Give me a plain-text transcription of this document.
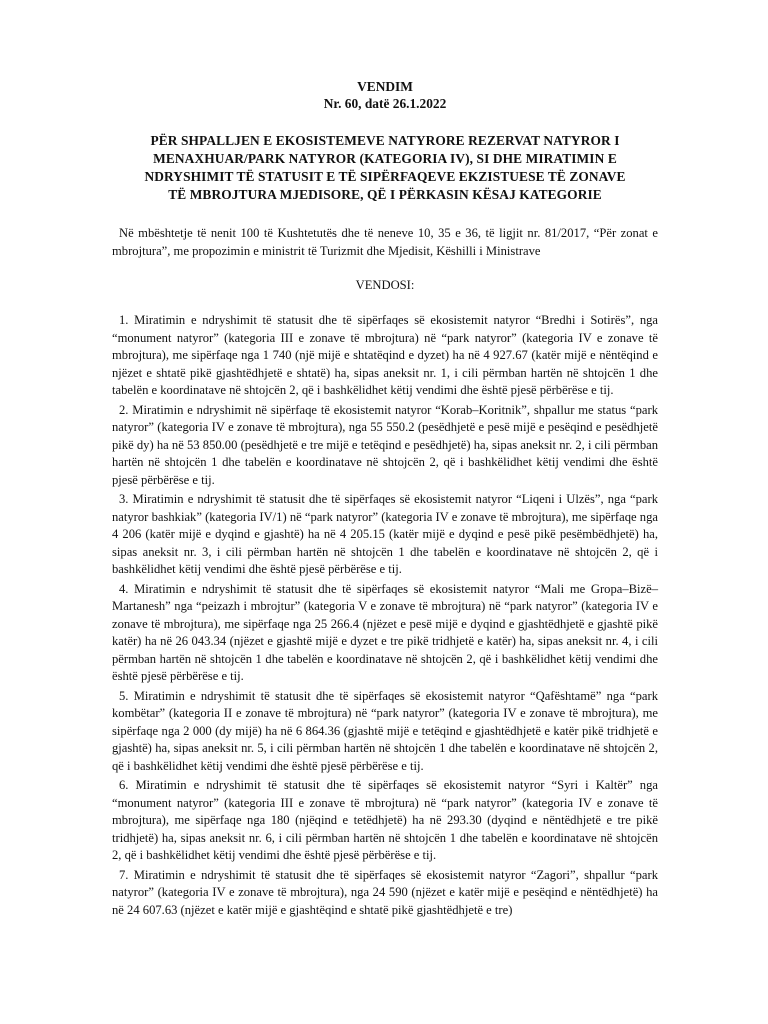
VENDIM
Nr. 60, datë 26.1.2022
PËR SHPALLJEN E EKOSISTEMEVE NATYRORE REZERVAT NATYROR I
MENAXHUAR/PARK NATYROR (KATEGORIA IV), SI DHE MIRATIMIN E
NDRYSHIMIT TË STATUSIT E TË SIPËRFAQEVE EKZISTUESE TË ZONAVE
TË MBROJTURA MJEDISORE, QË I PËRKASIN KËSAJ KATEGORIE

Në mbështetje të nenit 100 të Kushtetutës dhe të neneve 10, 35 e 36, të ligjit nr. 81/2017, “Për zonat e mbrojtura”, me propozimin e ministrit të Turizmit dhe Mjedisit, Këshilli i Ministrave

VENDOSI:

1. Miratimin e ndryshimit të statusit dhe të sipërfaqes së ekosistemit natyror “Bredhi i Sotirës”, nga “monument natyror” (kategoria III e zonave të mbrojtura) në “park natyror” (kategoria IV e zonave të mbrojtura), me sipërfaqe nga 1 740 (një mijë e shtatëqind e dyzet) ha në 4 927.67 (katër mijë e nëntëqind e njëzet e shtatë pikë gjashtëdhjetë e shtatë) ha, sipas aneksit nr. 1, i cili përmban hartën në shtojcën 1 dhe tabelën e koordinatave në shtojcën 2, që i bashkëlidhet këtij vendimi dhe është pjesë përbërëse e tij.

2. Miratimin e ndryshimit në sipërfaqe të ekosistemit natyror “Korab–Koritnik”, shpallur me status “park natyror” (kategoria IV e zonave të mbrojtura), nga 55 550.2 (pesëdhjetë e pesë mijë e pesëqind e pesëdhjetë pikë dy) ha në 53 850.00 (pesëdhjetë e tre mijë e tetëqind e pesëdhjetë) ha, sipas aneksit nr. 2, i cili përmban hartën në shtojcën 1 dhe tabelën e koordinatave në shtojcën 2, që i bashkëlidhet këtij vendimi dhe është pjesë përbërëse e tij.

3. Miratimin e ndryshimit të statusit dhe të sipërfaqes së ekosistemit natyror “Liqeni i Ulzës”, nga “park natyror bashkiak” (kategoria IV/1) në “park natyror” (kategoria IV e zonave të mbrojtura), me sipërfaqe nga 4 206 (katër mijë e dyqind e gjashtë) ha në 4 205.15 (katër mijë e dyqind e pesë pikë pesëmbëdhjetë) ha, sipas aneksit nr. 3, i cili përmban hartën në shtojcën 1 dhe tabelën e koordinatave në shtojcën 2, që i bashkëlidhet këtij vendimi dhe është pjesë përbërëse e tij.

4. Miratimin e ndryshimit të statusit dhe të sipërfaqes së ekosistemit natyror “Mali me Gropa–Bizë–Martanesh” nga “peizazh i mbrojtur” (kategoria V e zonave të mbrojtura) në “park natyror” (kategoria IV e zonave të mbrojtura), me sipërfaqe nga 25 266.4 (njëzet e pesë mijë e dyqind e gjashtëdhjetë e gjashtë pikë katër) ha në 26 043.34 (njëzet e gjashtë mijë e dyzet e tre pikë tridhjetë e katër) ha, sipas aneksit nr. 4, i cili përmban hartën në shtojcën 1 dhe tabelën e koordinatave në shtojcën 2, që i bashkëlidhet këtij vendimi dhe është pjesë përbërëse e tij.

5. Miratimin e ndryshimit të statusit dhe të sipërfaqes së ekosistemit natyror “Qafështamë” nga “park kombëtar” (kategoria II e zonave të mbrojtura) në “park natyror” (kategoria IV e zonave të mbrojtura), me sipërfaqe nga 2 000 (dy mijë) ha në 6 864.36 (gjashtë mijë e tetëqind e gjashtëdhjetë e katër pikë tridhjetë e gjashtë) ha, sipas aneksit nr. 5, i cili përmban hartën në shtojcën 1 dhe tabelën e koordinatave në shtojcën 2, që i bashkëlidhet këtij vendimi dhe është pjesë përbërëse e tij.

6. Miratimin e ndryshimit të statusit dhe të sipërfaqes së ekosistemit natyror “Syri i Kaltër” nga “monument natyror” (kategoria III e zonave të mbrojtura) në “park natyror” (kategoria IV e zonave të mbrojtura), me sipërfaqe nga 180 (njëqind e tetëdhjetë) ha në 293.30 (dyqind e nëntëdhjetë e tre pikë tridhjetë) ha, sipas aneksit nr. 6, i cili përmban hartën në shtojcën 1 dhe tabelën e koordinatave në shtojcën 2, që i bashkëlidhet këtij vendimi dhe është pjesë përbërëse e tij.

7. Miratimin e ndryshimit të statusit dhe të sipërfaqes së ekosistemit natyror “Zagori”, shpallur “park natyror” (kategoria IV e zonave të mbrojtura), nga 24 590 (njëzet e katër mijë e pesëqind e nëntëdhjetë) ha në 24 607.63 (njëzet e katër mijë e gjashtëqind e shtatë pikë gjashtëdhjetë e tre)
